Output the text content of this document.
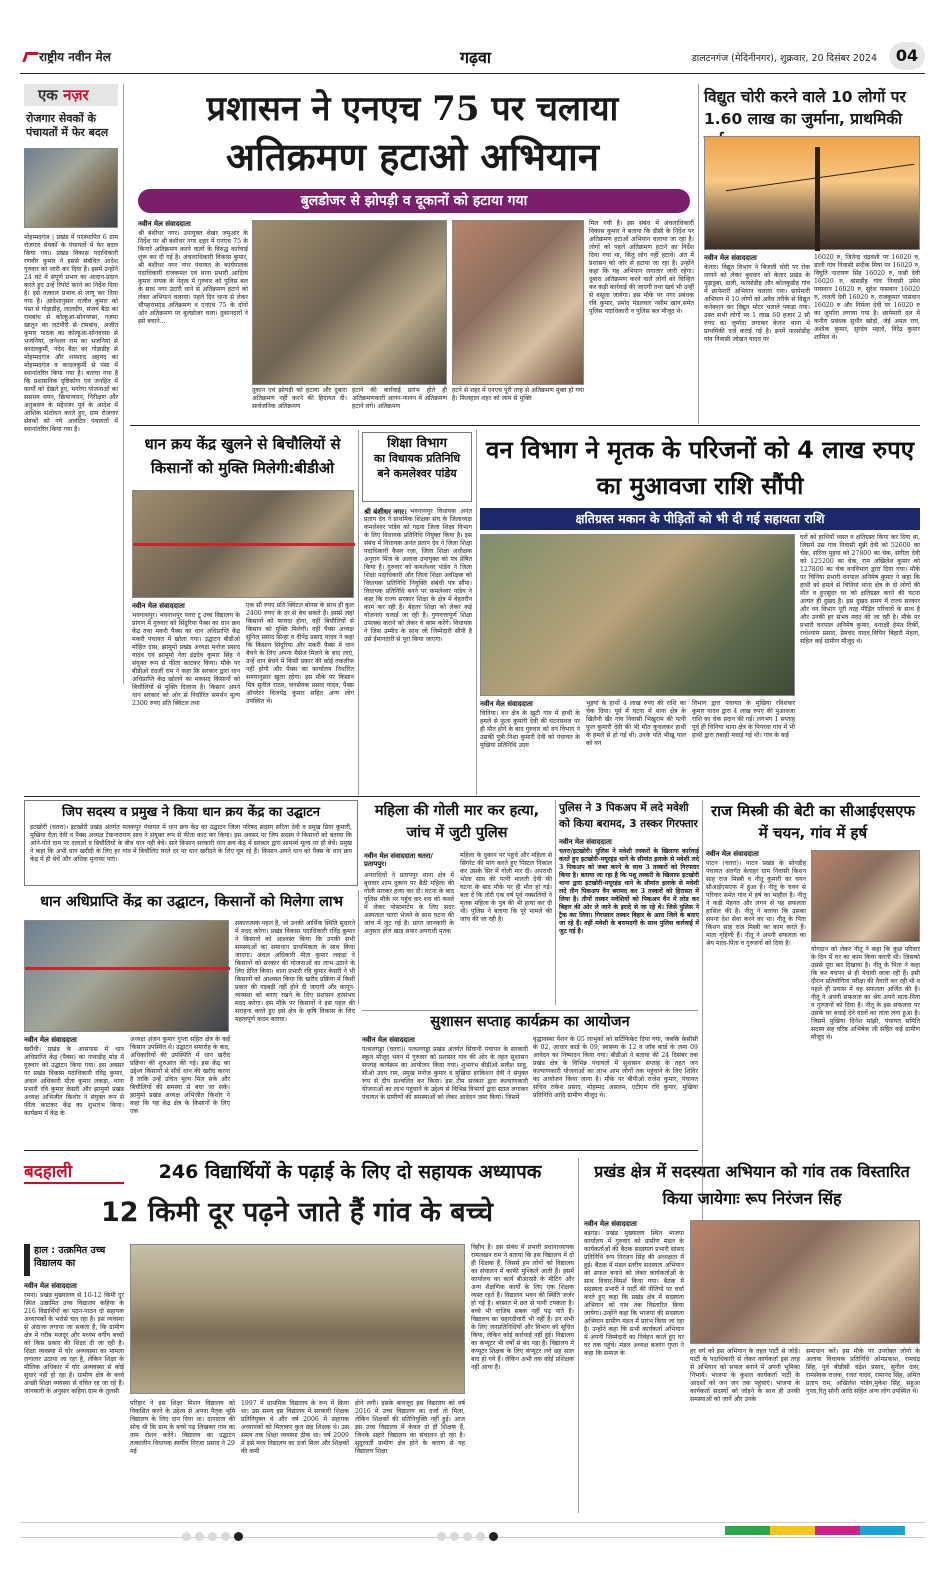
राष्ट्रीय नवीन मेल	गढ़वा	डालटनगंज (मेदिनीनगर), शुक्रवार, 20 दिसंबर 2024	04
एक नज़र
रोजगार सेवकों के पंचायतों में फेर बदल
मोहम्मदगंज | प्रखंड में पदस्थापित 6 ग्राम रोजगार सेवकों के पंचायतों में फेर बदल किया गया। प्रखंड विकास पदाधिकारी रणवीर कुमार ने इससे संबंधित आदेश गुरुवार को जारी कर दिया है। इसमें उन्होंने 24 घंटे में संपूर्ण प्रभार का आदान-प्रदान करते हुए उन्हें रिपोर्ट करने का निर्देश दिया है। इसे तत्काल प्रभाव से लागू कर दिया गया है। आदेशानुसार राजीव कुमार को पंसा से गोड़ाडीह, लालदीप, संजय बैठा का रामबांध से कोल्हुआ-सोनवरसा, नजमा खातून का लटपौरी से रामबांध, अजीत कुमार पाठक का कोल्हुआ-सोनवरसा से भजनियां, जनेश्वर राम का भजनियां से कादलकुर्मी, नंदेद बैठा का गोड़ाडीह से मोहम्मदगंज और शमशाद अहमद का मोहम्मदगंज व कादलकुर्मी से पंसा में स्थानांतरित किया गया है। बताया गया है कि प्रशासनिक दृष्टिकोण एवं जनहित में कार्यों को देखते हुए, मनरेगा योजनाओं का ससमय चयन, क्रियान्वयन, निरीक्षण और अनुश्रवण के मद्देनजर पूर्व के आदेश में आंशिक संशोधन करते हुए, ग्राम रोजगार सेवकों को नये आवंटित पंचायतों में स्थानांतरित किया गया है।
प्रशासन ने एनएच 75 पर चलाया
अतिक्रमण हटाओ अभियान
बुलडोजर से झोपड़ी व दूकानों को हटाया गया
नवीन मेल संवाददाता
श्री बंशीधर नगर। उपायुक्त शेखर जमुआर के निर्देश पर श्री बंशीधर नगर शहर में एनएच 75 के किनारे अतिक्रमण करने वालों के विरुद्ध कार्रवाई शुरू कर दी गई है। अंचलाधिकारी विकास कुमार, श्री बंशीधर नगर नगर पंचायत के कार्यपालक पदाधिकारी राजकमल एवं थाना प्रभारी आदित्य कुमार नायक के नेतृत्व में गुरुवार को पुलिस बल के साथ नगर उंटारी थाने से अतिक्रमण हटाने को लेकर अभियान चलाया। पहले दिन थाना से लेकर चौपहरामएंड अतिक्रमण व एनएच 75 के दोनों ओर अतिक्रमण पर बुलडोजर चला। दुकानदारों ने इसे बचाने...
दुकान एवं झोपड़ी को हटाया और दुबारा अतिक्रमण नहीं करने की हिदायत दी। सार्वजनिक अतिक्रमण
हटाने की कार्रवाई प्रारंभ होते ही अतिक्रमणकारी आनन-फानन में अतिक्रमण हटाने लगे। अतिक्रमण
हटने से शहर में एनएच पूरी तरह से अतिक्रमण मुक्त हो गया है। फिलहाल शहर को जाम से मुक्ति
मिल गयी है। इस संबंध में अंचलाधिकारी विकास कुमार ने बताया कि डीसी के निर्देश पर अतिक्रमण हटाओ अभियान चलाया जा रहा है। लोगों को पहले अतिक्रमण हटाने का निर्देश दिया गया था, किंतु लोग नहीं हटाये। अंत में प्रशासन को जोर से हटाया जा रहा है। उन्होंने कहा कि यह अभियान लगातार जारी रहेगा। दुबारा अतिक्रमण करने वाले लोगों को चिन्हित कर कड़ी कार्रवाई की जाएगी तथा खर्च भी उन्हीं से वसूला जायेगा। इस मौके पर नगर प्रबंधक रवि कुमार, प्रमोद मंडलवार नसीम खान,समेत पुलिस पदाधिकारी व पुलिस बल मौजूद थे।
विद्युत चोरी करने वाले 10 लोगों पर 1.60 लाख का जुर्माना, प्राथमिकी
नवीन मेल संवाददाता
केतार। विद्युत विभाग ने बिजली चोरी पर रोक लगाने को लेकर बुधवार को केतार प्रखंड के मुड़ाडुबा, डाली, फरसोडीह और कोलकुडीह गांव में छापेमारी अभियान चलाया गया। छापेमारी अभियान में 10 लोगों को अवैध तरीके से विद्युत कनेक्शन कर विद्युत मोटर चलाते पकड़ा गया। उक्त सभी लोगों पर 1 लाख 60 हजार 2 सौ रुपए का जुर्माना लगाकर केतार थाना में प्राथमिकी दर्ज कराई गई है। इनमें फरसोडीह गांव निवासी जोखन यादव पर
16020 रु, जितेन्द्र चंद्रवंशी पर 16020 रु, डाली गांव निवासी सदीक मियां पर 16020 रु, विघुति नारायण सिंह 16020 रु, फन्नी देवी 16020 रु, बांसडीह गांव निवासी उमेश पासवान 16020 रु, सुरेश पासवान 16020 रु, ललती देवी 16020 रु, राजकुमार पासवान 16020 रु और निर्मला देवी पर 16020 रु का जुर्माना लगाया गया है। छापेमारी दल में कनीय प्रबंधक सुधीर खोड़ो, जेई अमल राय, अशोक कुमार, सुरदेव महतो, विरेंद्र कुमार शामिल थे।
धान क्रय केंद्र खुलने से बिचौलियों से किसानों को मुक्ति मिलेगी:बीडीओ
नवीन मेल संवाददाता
भवनाथपुर। भवनाथपुर पतरा टू उच्च विद्यालय के प्रांगण में गुरुवार को सिंदुरिया पैक्स का धान क्रय केंद्र तथा मकरी पैक्स का धान अधिप्राप्ति केंद्र मकरी पंचायत में खोला गया। उद्घाटन बीडीओ मोहित दास, झामुमो प्रखंड अध्यक्ष मनोज प्रसाद यादव एवं झामुमो नेता इंद्रदेव कुमार सिंह ने संयुक्त रूप से फीता काटकर किया। मौके पर बीडीओ दंदजी राम ने कहा कि सरकार द्वारा धान अधिप्राप्ति केंद्र खोलने का मकसद किसानों को बिचौलियों से मुक्ति दिलाना है। किसान अपने धान सरकार को ओर से निर्धारित समर्थन मूल्य 2300 रुपए प्रति क्विंटल तथा
एक सौ रुपए प्रति क्विंटल बोनस के साथ ही कुल 2400 रुपए के दर से बेच सकते हैं। इससे जहां किसानों को फायदा होगा, वहीं बिचौलियों से किसान को मुक्ति मिलेगी। वहीं पैक्स अध्यक्ष सुनिल प्रसाद सिन्हा व दीपेंद्र प्रसाद यादव ने कहा कि किसान सिंदुरिया और मकरी पैक्स में धान बेचने के लिए अपना मैसेज मिलने के बाद लाएं, उन्हें धान बेचने में किसी प्रकार की कोई तकलीफ नहीं होगी और पैक्स का कार्यालय निर्धारित समयानुसार खुला रहेगा। इस मौके पर किसान मित्र सुनील राठव, जनसेवक प्रसाद यादव, पैक्स ऑपरेटर विजयेंद्र कुमार सहित अन्य लोग उपस्थित थे।
शिक्षा विभाग
का विधायक प्रतिनिधि
बने कमलेश्वर पांडेय
श्री बंशीधर नगर। भवनाथपुर विधायक अनंत प्रताप देव ने प्राथमिक शिक्षक संघ के जिलाध्यक्ष कमलेश्वर पांडेय को गढ़वा जिला शिक्षा विभाग के लिए विधायक प्रतिनिधि नियुक्त किया है। इस संबंध में विधायक अनंत प्रताप देव ने जिला शिक्षा पदाधिकारी कैसर रज़ा, जिला शिक्षा अधीक्षक अनुराग मिंज के अलावा उपायुक्त को पत्र प्रेषित किया है। गुरुवार को कमलेश्वर पांडेय ने जिला शिक्षा पदाधिकारी और जिला शिक्षा अधीक्षक को विधायक प्रतिनिधि नियुक्ति संबंधी पत्र सौंपा। विधायक प्रतिनिधि बनने पर कमलेश्वर पांडेय ने कहा कि राज्य सरकार शिक्षा के क्षेत्र में बेहतरीन काम कर रही है। बेहतर शिक्षा को लेकर कई योजनाएं चलाई जा रही हैं। गुणवत्तापूर्ण शिक्षा उपलब्ध कराने को लेकर वे काम करेंगे। विधायक ने जिस उम्मीद के साथ जो जिम्मेदारी सौंपी है उसे ईमानदारी से पूरा किया जाएगा।
वन विभाग ने मृतक के परिजनों को 4 लाख रुपए का मुआवजा राशि सौंपी
क्षतिग्रस्त मकान के पीड़ितों को भी दी गई सहायता राशि
घरों को हाथियों ध्वस्त व क्षतिग्रस्त किया कर दिया था, जिसमें उस गांव निवासी मुन्नी देवी को 52600 का चेक, सरिता मुइया को 27800 का चेक, संगीता देवी को 125200 का चेक, राम अखिलेश कुमार को 127800 का चेक वनविभाग द्वारा दिया गया। मौके पर चिनिया प्रभारी वनपाल अनिमेष कुमार ने कहा कि हाथी को हमले से चिनियां थाना क्षेत्र के दो लोगों की मौत व हुएसुंदर घर को क्षतिग्रस्त करने की घटना अत्यंत ही दुखद है। इस दुखद समय में राज्य सरकार और वन विभाग पूरी तरह पीड़ित परिवारों के साथ है और उनकी हर संभव मदद की जा रही है। मौके पर प्रभारी वनपाल अनिमेष कुमार, वनरक्षी हेमंत तिर्की, राधेश्याम प्रसाद, प्रेमचंद यादव,विपिन बिहारी मेहता, सहित कई ग्रामीण मौजूद थे।
नवीन मेल संवाददाता
चिनिया। वन क्षेत्र के खुटी गांव में हाथी के हमले से फुला कुमारी देवी की घटनास्थल पर ही मौत होने के बाद गुरुवार को वन विभाग ने उसकी पुत्री निशा कुमारी देवी को पंचायत के मुखिया प्रतिनिधि उदय
भुइयां के हाथों 4 लाख रुपए की राशि का चेक दिया। पूर्व में घटना में थाना क्षेत्र के खिलैनी खैर गांव निवासी भिखुराम की पत्नी फूल कुमारी देवी की भी मौत कुचलकर हाथी के हमले से हो गई थी। उनके पति भीखू पाल को वन
विभाग द्वारा पंचायत के मुखिया रविशंकर कुमार यादव द्वारा 4 लाख रुपए की मुआवजा राशि का चेक प्रदान की गई। लगभग 1 सप्ताह पूर्व ही चिनिया थाना क्षेत्र के पिपरवा गांव में भी हाथी द्वारा तबाही मचाई गई थी। गांव के कई
जिप सदस्य व प्रमुख ने किया धान क्रय केंद्र का उद्घाटन
इटखोरी (चतरा)। इटखोरी प्रखंड अंतर्गत मलकपुर पंचायत में धान क्रय केंद्र का उद्घाटन जिला परिषद सदस्य सरिता देवी व प्रमुख प्रिया कुमारी, मुखिया रीता देवी व पैक्स अध्यक्ष टेकनारायण साव ने संयुक्त रूप से फीता काट कर किया। इस अवसर पर जिप सदस्य ने किसानों को बताया कि ओने-पोने दाम पर दलालों व बिचौलियों के बीच धान नहीं बेचे। सारे किसान सरकारी धान क्रय केंद्र में सरकार द्वारा सामर्थ्य मूल्य पर ही बेचें। प्रमुख ने कहा कि अभी धान खरीदी के लिए हर गांव में बिचौलिए घरते दर पर धान खरीदने के लिए घूम रहे हैं। किसान अपने धान को पैक्स के धान क्रय केंद्र में ही बेचें और अधिक मुनाफा पाएं।
महिला की गोली मार कर हत्या, जांच में जुटी पुलिस
नवीन मेल संवाददाता चतरा/ प्रतापपुर।
अपराधियों ने प्रतापपुर थाना क्षेत्र में बुधवार शाम दुकान पर बैठी महिला की गोली मारकर हत्या कर दी। घटना के बाद पुलिस मौके पर पहुंच कर शव को कब्जे में लेकर पोस्टमार्टम के लिए सदर अस्पताल चतरा भेजने के साथ घटना की जांच में जुट गई है। प्राप्त जानकारी के अनुसार होल खाड़ सवार अपराधी मृतक
महिला के दुकान पर पहुंचे और महिला से सिगरेट की मांग करते हुए पिस्टल निकाल कर उसके सिर में गोली मार दी। अपराधी भोला साव की पत्नी मालती देवी की घटना के बाद मौके पर ही मौत हो गई। बता दें कि तोरी एक वर्ष पूर्व नक्सलियों ने मृतक महिला के पुत्र की भी हत्या कर दी थी। पुलिस ने बताया कि पूरे मामले की जांच की जा रही है।
पुलिस ने 3 पिकअप में लदे मवेशी को किया बरामद, 3 तस्कर गिरफ्तार
नवीन मेल संवाददाता
चतरा/इटखोरी। पुलिस ने मवेशी तस्करों के खिलाफ कार्रवाई करते हुए इटखोरी-मयूरहंड थाने के सीमांत इलाके से मवेशी लदे 3 पिकअप को जब्त करने के साथ 3 तस्करों को गिरफ्तार किया है। बताया जा रहा है कि पशु तस्करी के खिलाफ इटखोरी थाना द्वारा इटखोरी-मयूरहंड थाने के सीमांत इलाके से मवेशी लदे तीन पिकअप वैन बरामद कर 3 तस्करों को हिरासत में लिया है। तीनों तस्कर मवेशियों को पिकअप वैन में लोड कर बिहार की ओर ले जाने के इरादे से जा रहे थे। जिसे पुलिस ने ट्रैक कर लिया। गिरफ्तार तस्कर बिहार के आरा जिले के बताए जा रहे हैं। वहीं मवेशी के बरामदगी के साथ पुलिस कार्रवाई में जुट गई है।
राज मिस्त्री की बेटी का सीआईएसएफ में चयन, गांव में हर्ष
नवीन मेल संवाददाता
पाटन (चतरा)। पाटन प्रखंड के सोनडीह पंचायत अंतर्गत बेलाहर ग्राम निवासी किशन साह राज मिस्त्री व नीतू कुमारी का चयन सीआईएसएफ में हुआ है। नीतू के चयन से परिवार समेत गांव में हर्ष का माहौल है। नीतू ने कड़ी मेहनत और लगन से यह सफलता हासिल की है। नीतू ने बताया कि उसका सपना देश सेवा करने का था। नीतू के पिता किशन साह राज मिस्त्री का काम करते हैं। माता गृहिणी हैं। नीतू ने अपनी सफलता का श्रेय माता-पिता व गुरुजनों को दिया है।
योगदान को लेकर नीतू ने कहा कि कुछ परिवार के दिन में घर का काम किया करती थी। जिसको उससे पूरा कर दिखाया है। नीतू के पिता ने कहा कि कर बचपन से ही मेधावी छात्रा रही हैं। इसी दौरान प्रतियोगिता परीक्षा की तैयारी कर रही थी व पहले ही प्रयास में वह सफलता अर्जित की है। नीतू ने अपनी सफलता का श्रेय अपने माता-पिता व गुरुजनों को दिया है। नीतू के इस सफलता पर उसके घर बधाई देने वालों का तांता लगा हुआ है। जिसमें मुखिया दिनेश मांझी, पंचायत समिति सदस्य सह वरिष्ठ अभिषेक जी सहित कई ग्रामीण मौजूद थे।
धान अधिप्राप्ति केंद्र का उद्घाटन, किसानों को मिलेगा लाभ
नवीन मेल संवाददाता
खरौंधी। प्रखंड के आसपास में धान अधिप्राप्ति केंद्र (पैक्स) का नावाडीह मोड़ में गुरुवार को उद्घाटन किया गया। इस अवसर पर प्रखंड विकास पदाधिकारी रविंद्र कुमार, अंचल अधिकारी मीता कुमार लकड़ा, थाना प्रभारी रवि कुमार केसरी और झामुमो प्रखंड अध्यक्ष अभिजीत किशोर ने संयुक्त रूप से फीता काटकर केंद्र का शुभारंभ किया। कार्यक्रम में केंद्र के
अध्यक्ष अंजन कुमार गुप्ता सहित क्षेत्र के कई किसान उपस्थित थे। उद्घाटन समारोह के बाद, अधिकारियों की उपस्थिति में धान खरीद प्रक्रिया की शुरुआत की गई। इस केंद्र का उद्देश्य किसानों से सीधे धान की खरीद करना है ताकि उन्हें उचित मूल्य मिल सके और बिचौलियों की समस्या से बचा जा सके। झामुमो प्रखंड अध्यक्ष अभिजीत किशोर ने कहा कि यह केंद्र क्षेत्र के किसानों के लिए एक
सकारात्मक पहल है, जो उनकी आर्थिक स्थिति सुधारने में मदद करेगा। प्रखंड विकास पदाधिकारी रविंद्र कुमार ने किसानों को आश्वस्त किया कि उनकी सभी समस्याओं का समाधान प्राथमिकता के साथ किया जाएगा। अंचल अधिकारी मीता कुमार लकड़ा ने किसानों को सरकार की योजनाओं का लाभ उठाने के लिए प्रेरित किया। थाना प्रभारी रवि कुमार केसरी ने भी किसानों को आश्वस्त किया कि खरीद प्रक्रिया में किसी प्रकार की गड़बड़ी नहीं होने दी जाएगी और कानून-व्यवस्था को बनाए रखने के लिए प्रशासन हरसंभव मदद करेगा। इस मौके पर किसानों ने इस पहल की सराहना करते हुए इसे क्षेत्र के कृषि विकास के लिए महत्वपूर्ण कदम बताया।	सुशासन सप्ताह कार्यक्रम का आयोजन
नवीन मेल संवाददाता
पत्थलगड्डा (चतरा)। पत्थलगड्डा प्रखंड अंतर्गत सिंघानी पंचायत के सरकारी स्कूल मौजूद भवन में गुरुवार को प्रशासन गांव की ओर के तहत सुशासन सप्ताह कार्यक्रम का आयोजन किया गया। शुभारंभ बीडीओ सतीश साहू, सीओ उदय राम, प्रमुख मनोज कुमार व मुखिया हरकिशन देवी ने संयुक्त रूप से दीप प्रज्वलित कर किया। इस टीम सरकार द्वारा कल्याणकारी योजनाओं का लाभ पहुंचाने के उद्देश्य से विभिन्न विभागों द्वारा स्टाल लगाकर पंचायत के ग्रामीणों की समस्याओं को लेकर आवेदन जमा किया। जिसमें
वृद्धावस्था पेंशन के 05 लाभुकों को सर्टिफिकेट दिया गया, जबकि केसीसी के 02, आधार कार्ड के 09, स्वास्थ्य के 12 व जॉब कार्ड के जमा 09 आवेदन का निष्पादन किया गया। बीडीओ ने बताया की 24 दिसंबर तक प्रखंड क्षेत्र के विभिन्न पंचायतों में सुशासन सप्ताह के तहत जन कल्याणकारी योजनाओं का लाभ आम लोगों तक पहुंचाने के लिए शिविर का आयोजन किया जाना है। मौके पर बीपीओ राजेश कुमार, पंचायत सचिव राकेश प्रसाद, मोहम्मद असलम, एटीएम रवि कुमार, मुखिया प्रतिनिधि आदि ग्रामीण मौजूद थे।
बदहाली	246 विद्यार्थियों के पढ़ाई के लिए दो सहायक अध्यापक
12 किमी दूर पढ़ने जाते हैं गांव के बच्चे
हाल : उत्क्रमित उच्च विद्यालय का
नवीन मेल संवाददाता
रमना। प्रखंड मुख्यालय से 10-12 किमी दूर स्थित उत्क्रमित उच्च विद्यालय कहिया के 216 विद्यार्थियों का पठन-पाठन दो सहायक अध्यापकों के भरोसे चल रहा है। इस व्यवस्था से अंदाजा लगाया जा सकता है, कि ग्रामीण क्षेत्र में गरीब मजदूर और मध्यम वर्गीय बच्चों को किस प्रकार की शिक्षा दी जा रही है। शिक्षा व्यवस्था में घोर अव्यवस्था का मामला लगातार उठाया जा रहा है, लेकिन शिक्षा के मौलिक अधिकार में घोर अव्यवस्था से कोई सुधार नहीं हो रहा है। ग्रामीण क्षेत्र के बच्चे अच्छी शिक्षा व्यवस्था से वंचित रह जा रहे हैं। जानकारी के अनुसार कहिया ग्राम के तुलसी
परिहार ने इस शिक्षा मिशन विद्यालय को विकसित करने के उद्देश्य से अपना पैतृक भूमि विद्यालय के लिए दान दिया था। दानदाता की सोच थी कि ग्राम के बच्चे पढ़ लिखकर गांव का नाम रोशन करेंगे। विद्यालय का उद्घाटन तत्कालीन विधायक स्वर्गीय गिरजा प्रसाद ने 29 मई
1997 में प्राथमिक विद्यालय के रूप में किया था। उस समय इस विद्यालय में सरकारी शिक्षक प्रतिनियुक्त थे और वर्ष 2006 में सहायक अध्यापकों को मिलाकर कुल छह शिक्षक थे। उस समय तक शिक्षा व्यवस्था ठीक था। वर्ष 2009 में इसे मध्य विद्यालय का दर्जा मिला और शिक्षकों की कमी
होने लगी। इसके बावजूद इस विद्यालय को वर्ष 2016 में उच्च विद्यालय का दर्जा तो मिला, लेकिन शिक्षकों की प्रतिनियुक्ति नहीं हुई। आज इस उच्च विद्यालय में केवल दो ही शिक्षक हैं, जिनके सहारे विद्यालय का संचालन हो रहा है। सुदूरवर्ती ग्रामीण क्षेत्र होने के कारण से यह विद्यालय शिक्षा
विहीन है। इस संबंध में प्रभारी प्रधानाध्यापक रामलखन राम ने बताया कि इस विद्यालय में दो ही शिक्षक हैं, जिससे हम लोगों को विद्यालय का संचालन में काफी मुश्किलें आती हैं। इसमें कार्यालय का कार्य बीआरसी के मीटिंग और अन्य शैक्षणिक कार्यों के लिए एक शिक्षक व्यस्त रहते हैं। विद्यालय भवन की स्थिति जर्जर हो गई है। बरसात में छत से पानी टपकता है। बच्चे भी वाजिब सबक नहीं पढ़ पाते हैं। विद्यालय का चहारदीवारी भी नहीं है। इन सभी के लिए जनप्रतिनिधियों और विभाग को सूचित किया, लेकिन कोई कार्रवाई नहीं हुई। विद्यालय का कंप्यूटर भी वर्षों से बंद पड़ा है। विद्यालय में कंप्यूटर शिक्षक के लिए कंप्यूटर लगे छह साल बाद हो गये हैं। लेकिन अभी तक कोई प्रशिक्षक नहीं आया है।
प्रखंड क्षेत्र में सदस्यता अभियान को गांव तक विस्तारित किया जायेगाः रूप निरंजन सिंह
नवीन मेल संवाददाता
बड़गड़। प्रखंड मुख्यालय स्थित भाजपा कार्यालय में गुरुवार को ग्रामीण मंडल के कार्यकर्ताओं की बैठक सदस्यता प्रभारी सांसद प्रतिनिधि रूप निरंजन सिंह की अध्यक्षता में हुई। बैठक में मंडल स्तरीय सदस्यता अभियान को सफल बनाने को लेकर कार्यकर्ताओं के साथ विचार-विमर्श किया गया। बैठक में सदस्यता प्रभारी ने पार्टी की नीतियों पर चर्चा करते हुए कहा कि प्रखंड क्षेत्र में सदस्यता अभियान को गांव तक विस्तारित किया जायेगा। उन्होंने कहा कि भाजपा की सदस्यता अभियान ग्रामीण मंडल में प्रारंभ किया जा रहा है। उन्होंने कहा कि सभी कार्यकर्ता अभियान में अपनी जिम्मेदारी का निर्वहन करते हुए घर घर तक पहुंचे। मंडल अध्यक्ष बजरंग गुप्ता ने कहा कि समाज के	हर वर्ग को इस अभियान के तहत पार्टी से जोड़ें। पार्टी के पदाधिकारी से लेकर कार्यकर्ता इस तरह से अभियान को सफल बनाने में अपनी भूमिका निभायें। भाजपा के कुशल कार्यकर्ता पार्टी के आदर्शों को जन जन तक पहुंचाएं। भाजपा के कार्यकर्ता सदस्यों को जोड़ने के साथ ही उनकी समस्याओं को जानें और उनके
समाधान करें। इस मौके पर उपरोक्त लोगो के अलावा विधायक प्रतिनिधि ओमप्रकाश, रामचंद्र सिंह, पूर्व बीडीसी चंद्रेश प्रसाद, सुनील दास, रामसेवक राजक, रजत यादव, रामानंद सिंह, अमित प्रताप राम, अखिलेश पांडेय,मुकेश सिंह, सहुआ गुप्ता,रितु सोनी आदि सहित अन्य लोग उपस्थित थे।
